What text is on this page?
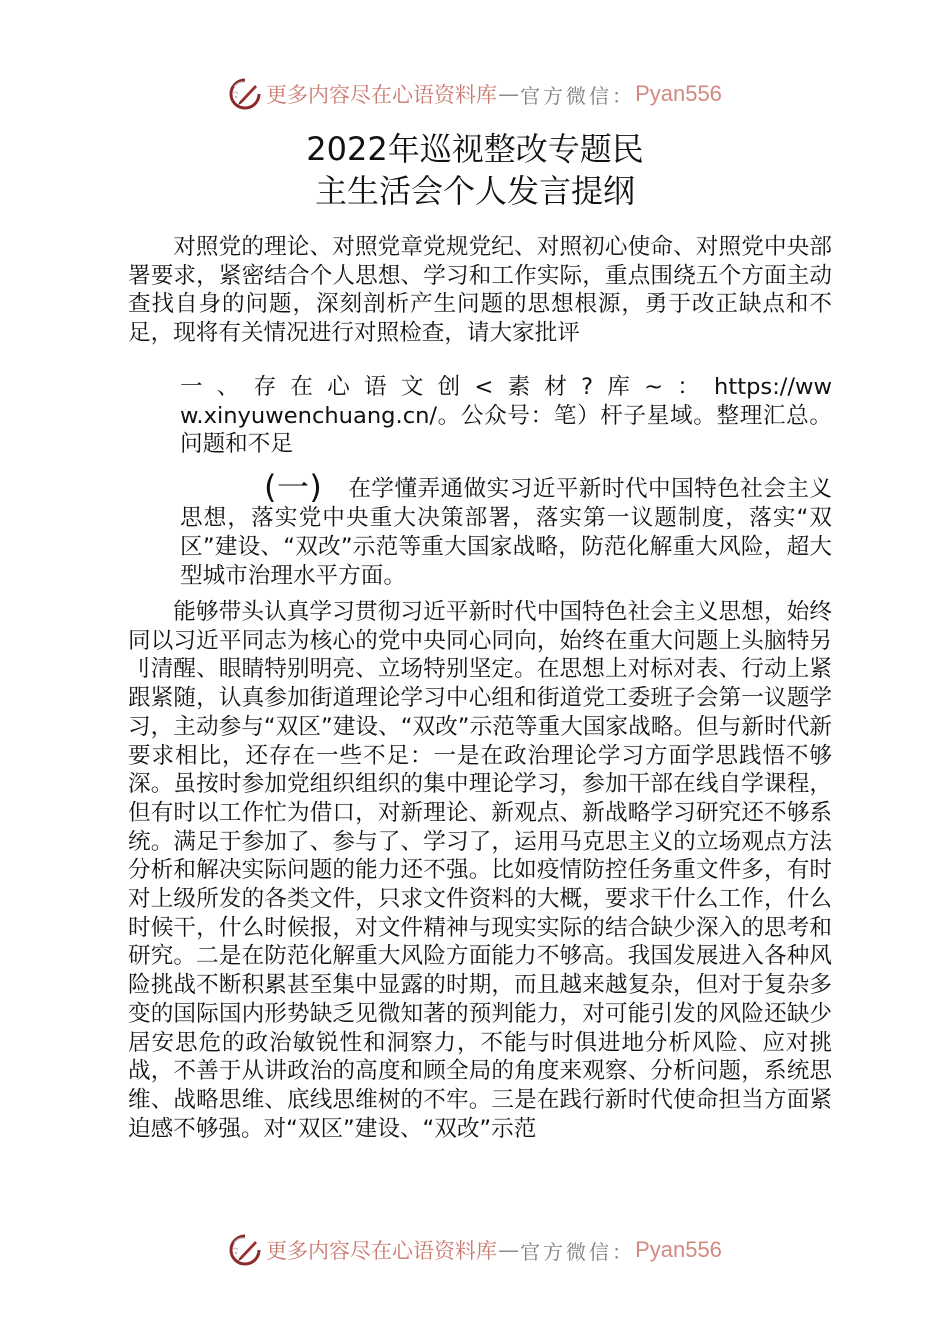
更多内容尽在心语资料库 — 官方微信： Pyan556
2022年巡视整改专题民
主生活会个人发言提纲

对照党的理论、对照党章党规党纪、对照初心使命、对照党中央部署要求，紧密结合个人思想、学习和工作实际，重点围绕五个方面主动查找自身的问题，深刻剖析产生问题的思想根源，勇于改正缺点和不足，现将有关情况进行对照检查，请大家批评

一、存在心语文创<素材?库~：https://www.xinyuwenchuang.cn/。公众号：笔）杆子星域。整理汇总。问题和不足

(一) 在学懂弄通做实习近平新时代中国特色社会主义思想，落实党中央重大决策部署，落实第一议题制度，落实“双区”建设、“双改”示范等重大国家战略，防范化解重大风险，超大型城市治理水平方面。

能够带头认真学习贯彻习近平新时代中国特色社会主义思想，始终同以习近平同志为核心的党中央同心同向，始终在重大问题上头脑特另 刂清醒、眼睛特别明亮、立场特别坚定。在思想上对标对表、行动上紧跟紧随，认真参加街道理论学习中心组和街道党工委班子会第一议题学习，主动参与“双区”建设、“双改”示范等重大国家战略。但与新时代新要求相比，还存在一些不足：一是在政治理论学习方面学思践悟不够深。虽按时参加党组织组织的集中理论学习，参加干部在线自学课程，但有时以工作忙为借口，对新理论、新观点、新战略学习研究还不够系统。满足于参加了、参与了、学习了，运用马克思主义的立场观点方法分析和解决实际问题的能力还不强。比如疫情防控任务重文件多，有时对上级所发的各类文件，只求文件资料的大概，要求干什么工作，什么时候干，什么时候报，对文件精神与现实实际的结合缺少深入的思考和研究。二是在防范化解重大风险方面能力不够高。我国发展进入各种风险挑战不断积累甚至集中显露的时期，而且越来越复杂，但对于复杂多变的国际国内形势缺乏见微知著的预判能力，对可能引发的风险还缺少居安思危的政治敏锐性和洞察力，不能与时俱进地分析风险、应对挑战，不善于从讲政治的高度和顾全局的角度来观察、分析问题，系统思维、战略思维、底线思维树的不牢。三是在践行新时代使命担当方面紧迫感不够强。对“双区”建设、“双改”示范

更多内容尽在心语资料库 — 官方微信： Pyan556
